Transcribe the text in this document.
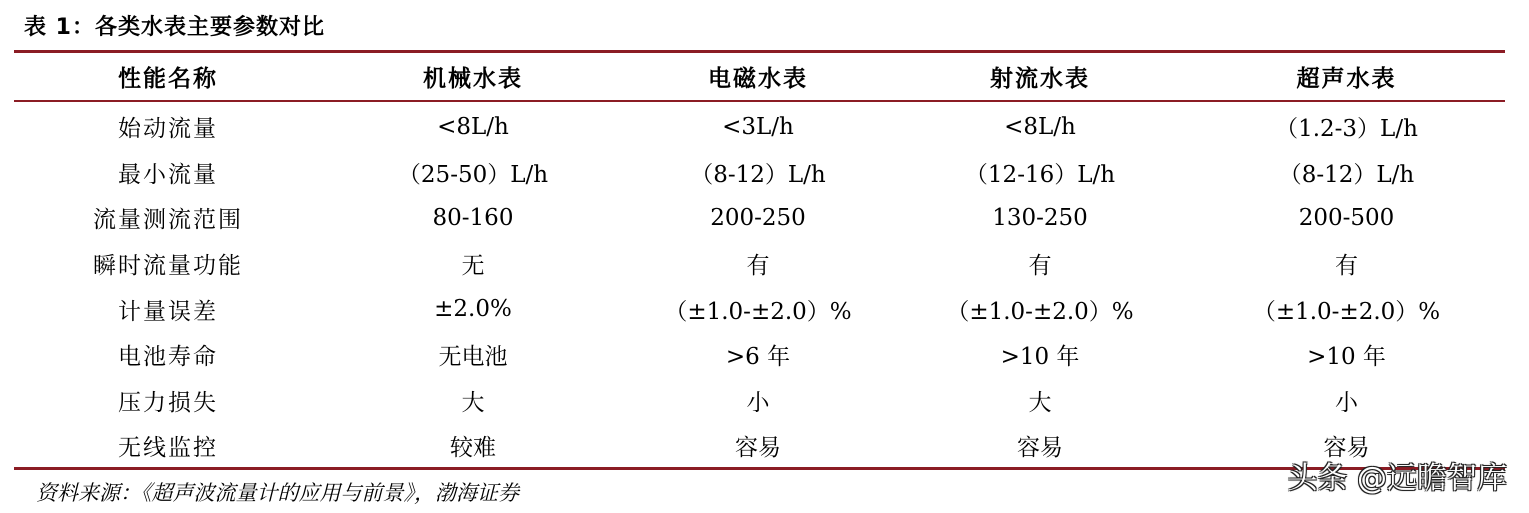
表 1：各类水表主要参数对比
性能名称	机械水表	电磁水表	射流水表	超声水表
始动流量	<8L/h	<3L/h	<8L/h	（1.2-3）L/h
最小流量	（25-50）L/h	（8-12）L/h	（12-16）L/h	（8-12）L/h
流量测流范围	80-160	200-250	130-250	200-500
瞬时流量功能	无	有	有	有
计量误差	±2.0%	（±1.0-±2.0）%	（±1.0-±2.0）%	（±1.0-±2.0）%
电池寿命	无电池	>6 年	>10 年	>10 年
压力损失	大	小	大	小
无线监控	较难	容易	容易	容易
资料来源：《超声波流量计的应用与前景》，渤海证券	头条 @远瞻智库
